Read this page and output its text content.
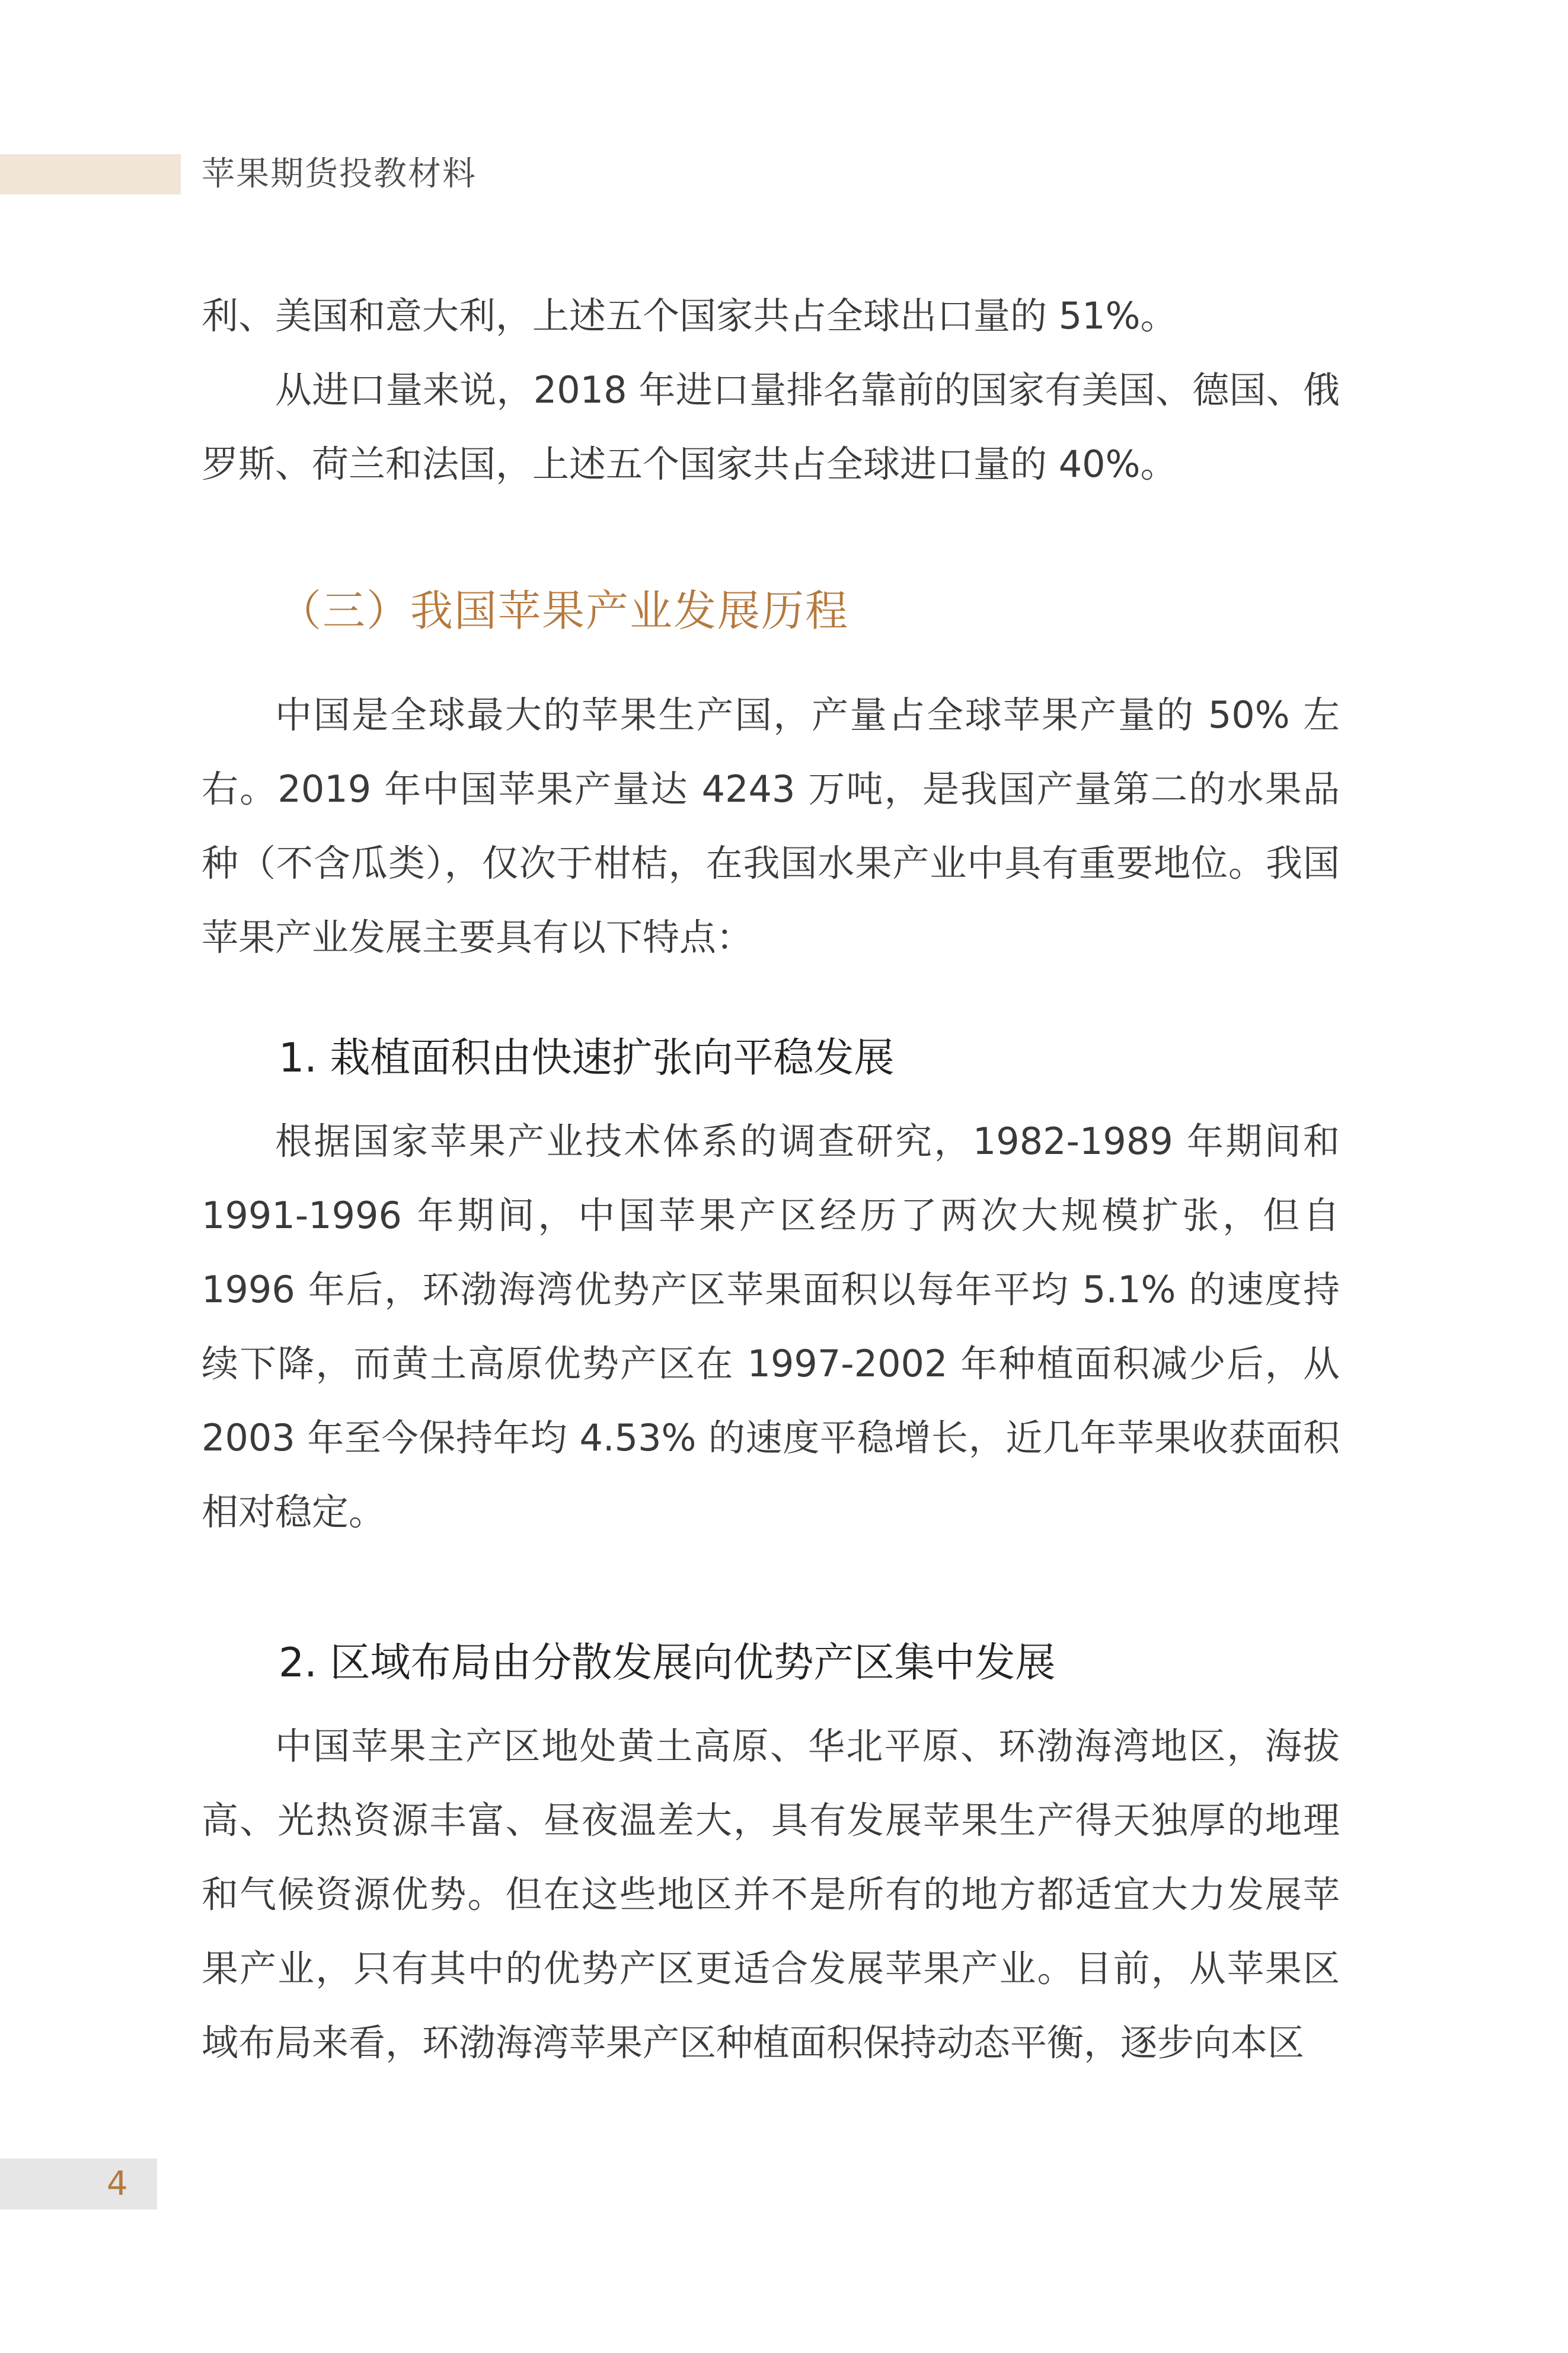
苹果期货投教材料

利、美国和意大利，上述五个国家共占全球出口量的 51%。

从进口量来说，2018 年进口量排名靠前的国家有美国、德国、俄罗斯、荷兰和法国，上述五个国家共占全球进口量的 40%。

（三）我国苹果产业发展历程

中国是全球最大的苹果生产国，产量占全球苹果产量的 50% 左右。2019 年中国苹果产量达 4243 万吨，是我国产量第二的水果品种（不含瓜类），仅次于柑桔，在我国水果产业中具有重要地位。我国苹果产业发展主要具有以下特点：

1. 栽植面积由快速扩张向平稳发展

根据国家苹果产业技术体系的调查研究，1982-1989 年期间和 1991-1996 年期间，中国苹果产区经历了两次大规模扩张，但自 1996 年后，环渤海湾优势产区苹果面积以每年平均 5.1% 的速度持续下降，而黄土高原优势产区在 1997-2002 年种植面积减少后，从 2003 年至今保持年均 4.53% 的速度平稳增长，近几年苹果收获面积相对稳定。

2. 区域布局由分散发展向优势产区集中发展

中国苹果主产区地处黄土高原、华北平原、环渤海湾地区，海拔高、光热资源丰富、昼夜温差大，具有发展苹果生产得天独厚的地理和气候资源优势。但在这些地区并不是所有的地方都适宜大力发展苹果产业，只有其中的优势产区更适合发展苹果产业。目前，从苹果区域布局来看，环渤海湾苹果产区种植面积保持动态平衡，逐步向本区

4
